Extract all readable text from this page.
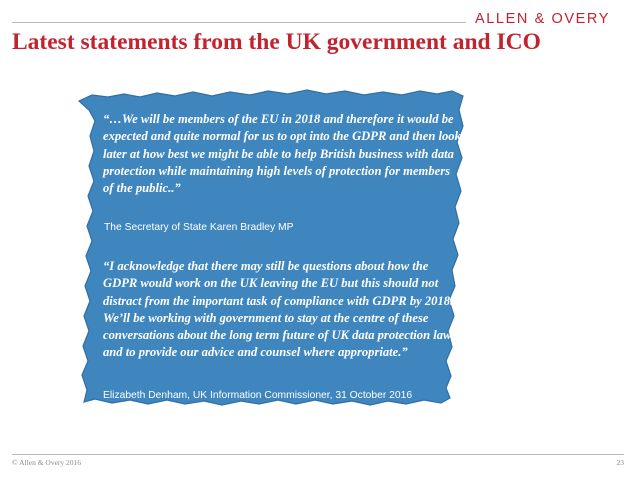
ALLEN & OVERY
Latest statements from the UK government and ICO

“…We will be members of the EU in 2018 and therefore it would be expected and quite normal for us to opt into the GDPR and then look later at how best we might be able to help British business with data protection while maintaining high levels of protection for members of the public..”

The Secretary of State Karen Bradley MP

“I acknowledge that there may still be questions about how the GDPR would work on the UK leaving the EU but this should not distract from the important task of compliance with GDPR by 2018. We’ll be working with government to stay at the centre of these conversations about the long term future of UK data protection law and to provide our advice and counsel where appropriate.”

Elizabeth Denham, UK Information Commissioner, 31 October 2016

© Allen & Overy 2016	23
